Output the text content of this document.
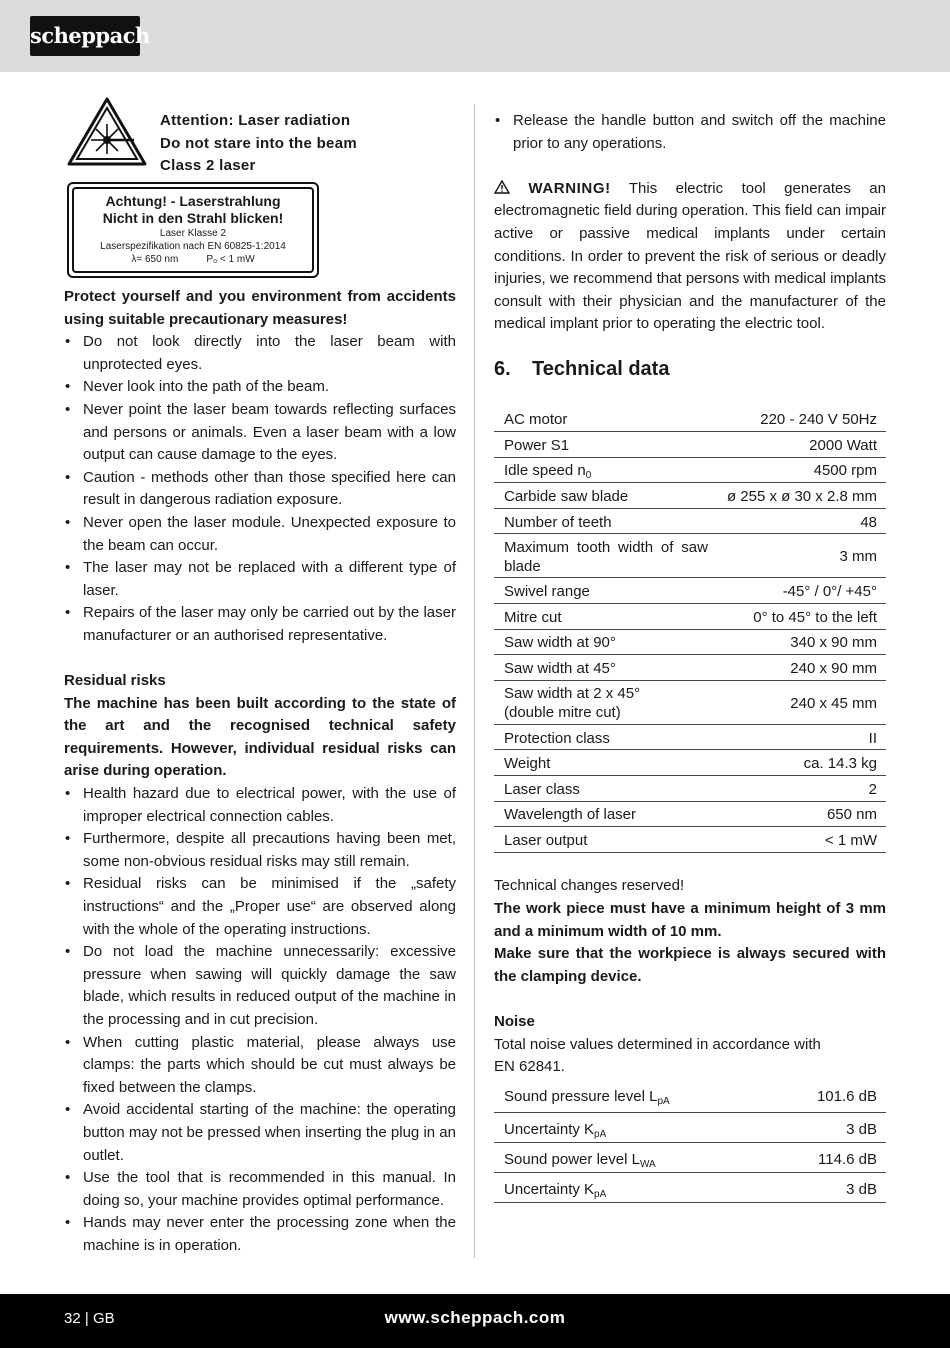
scheppach
Attention: Laser radiation
Do not stare into the beam
Class 2 laser
Achtung! - Laserstrahlung
Nicht in den Strahl blicken!
Laser Klasse 2
Laserspezifikation nach EN 60825-1:2014
λ= 650 nm	P₀ < 1 mW

Protect yourself and you environment from accidents using suitable precautionary measures!

• Do not look directly into the laser beam with unprotected eyes.
• Never look into the path of the beam.
• Never point the laser beam towards reflecting surfaces and persons or animals. Even a laser beam with a low output can cause damage to the eyes.
• Caution - methods other than those specified here can result in dangerous radiation exposure.
• Never open the laser module. Unexpected exposure to the beam can occur.
• The laser may not be replaced with a different type of laser.
• Repairs of the laser may only be carried out by the laser manufacturer or an authorised representative.

Residual risks

The machine has been built according to the state of the art and the recognised technical safety requirements. However, individual residual risks can arise during operation.

• Health hazard due to electrical power, with the use of improper electrical connection cables.
• Furthermore, despite all precautions having been met, some non-obvious residual risks may still remain.
• Residual risks can be minimised if the „safety instructions“ and the „Proper use“ are observed along with the whole of the operating instructions.
• Do not load the machine unnecessarily: excessive pressure when sawing will quickly damage the saw blade, which results in reduced output of the machine in the processing and in cut precision.
• When cutting plastic material, please always use clamps: the parts which should be cut must always be fixed between the clamps.
• Avoid accidental starting of the machine: the operating button may not be pressed when inserting the plug in an outlet.
• Use the tool that is recommended in this manual. In doing so, your machine provides optimal performance.
• Hands may never enter the processing zone when the machine is in operation.
• Release the handle button and switch off the machine prior to any operations.

WARNING! This electric tool generates an electromagnetic field during operation. This field can impair active or passive medical implants under certain conditions. In order to prevent the risk of serious or deadly injuries, we recommend that persons with medical implants consult with their physician and the manufacturer of the medical implant prior to operating the electric tool.

6. Technical data
AC motor	220 - 240 V 50Hz
Power S1	2000 Watt
Idle speed $n_0$	4500 rpm
Carbide saw blade	ø 255 x ø 30 x 2.8 mm
Number of teeth	48
Maximum tooth width of saw blade	3 mm
Swivel range	-45° / 0°/ +45°
Mitre cut	0° to 45° to the left
Saw width at 90°	340 x 90 mm
Saw width at 45°	240 x 90 mm
Saw width at 2 x 45°
(double mitre cut)	240 x 45 mm
Protection class	II
Weight	ca. 14.3 kg
Laser class	2
Wavelength of laser	650 nm
Laser output	< 1 mW

Technical changes reserved!

The work piece must have a minimum height of 3 mm and a minimum width of 10 mm.

Make sure that the workpiece is always secured with the clamping device.

Noise

Total noise values determined in accordance with

EN 62841.

Sound pressure level $L_{pA}$	101.6 dB
Uncertainty $K_{pA}$	3 dB
Sound power level $L_{WA}$	114.6 dB
Uncertainty $K_{pA}$	3 dB
32 | GB	www.scheppach.com
